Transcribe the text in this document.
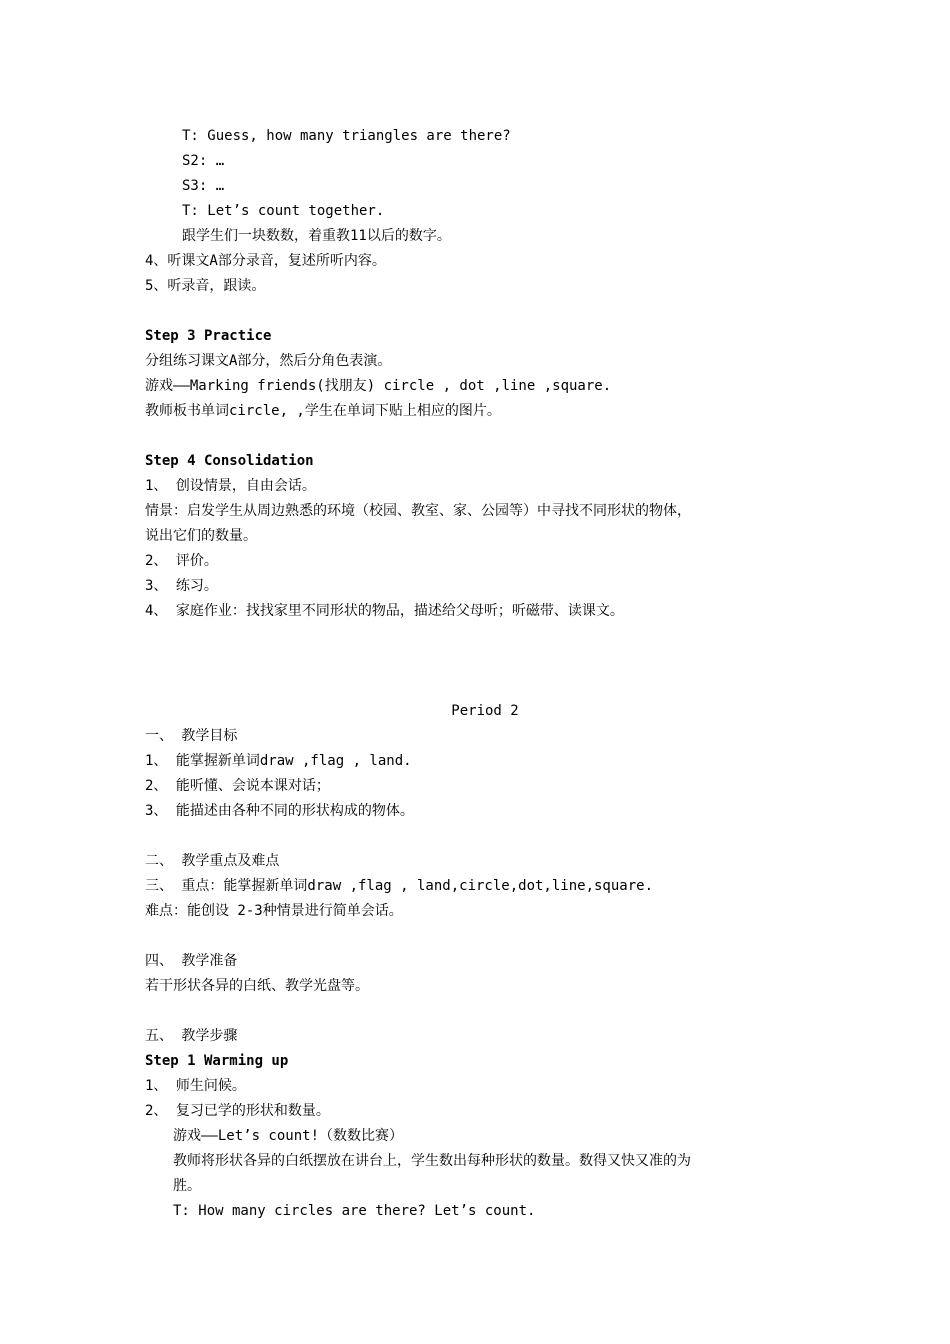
T: Guess, how many triangles are there?
S2: …
S3: …
T: Let’s count together.
跟学生们一块数数，着重教11以后的数字。
4、听课文A部分录音，复述所听内容。
5、听录音，跟读。
Step 3 Practice
分组练习课文A部分，然后分角色表演。
游戏——Marking friends(找朋友) circle , dot ,line ,square.
教师板书单词circle, ,学生在单词下贴上相应的图片。
Step 4 Consolidation
1、 创设情景，自由会话。
情景：启发学生从周边熟悉的环境（校园、教室、家、公园等）中寻找不同形状的物体，
说出它们的数量。
2、 评价。
3、 练习。
4、 家庭作业：找找家里不同形状的物品，描述给父母听；听磁带、读课文。
Period 2
一、 教学目标
1、 能掌握新单词draw ,flag , land.
2、 能听懂、会说本课对话；
3、 能描述由各种不同的形状构成的物体。
二、 教学重点及难点
三、 重点：能掌握新单词draw ,flag , land,circle,dot,line,square.
难点：能创设 2-3种情景进行简单会话。
四、 教学准备
若干形状各异的白纸、教学光盘等。
五、 教学步骤
Step 1 Warming up
1、 师生问候。
2、 复习已学的形状和数量。
游戏——Let’s count!（数数比赛）
教师将形状各异的白纸摆放在讲台上，学生数出每种形状的数量。数得又快又准的为
胜。
T: How many circles are there? Let’s count.
